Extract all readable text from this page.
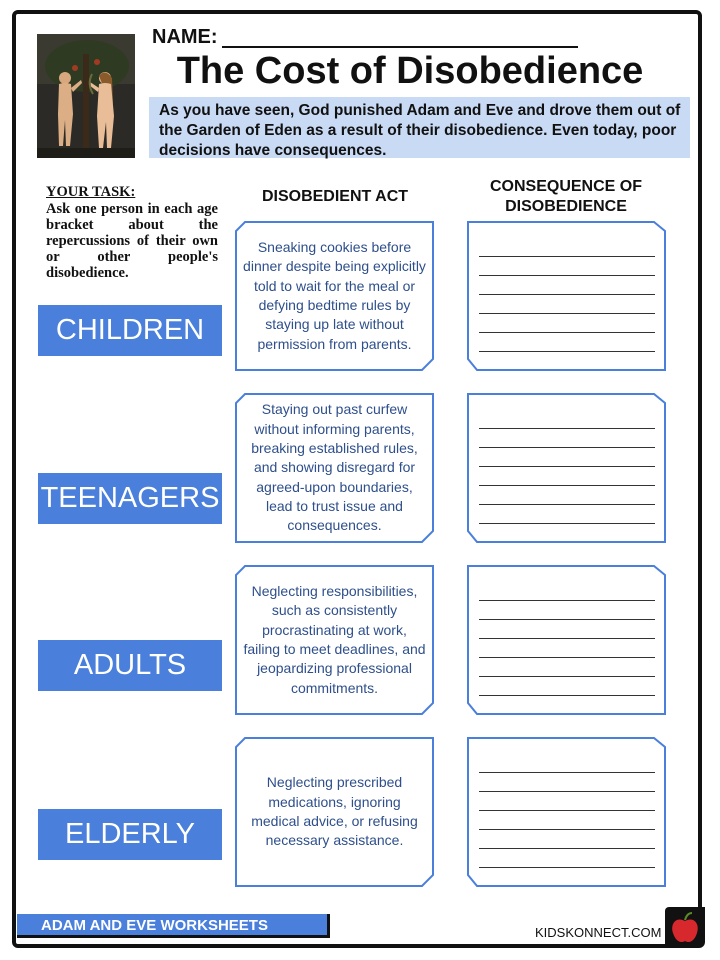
NAME:
The Cost of Disobedience
As you have seen, God punished Adam and Eve and drove them out of the Garden of Eden as a result of their disobedience. Even today, poor decisions have consequences.
YOUR TASK:
Ask one person in each age bracket about the repercussions of their own or other people's disobedience.
DISOBEDIENT ACT
CONSEQUENCE OF DISOBEDIENCE
CHILDREN
Sneaking cookies before dinner despite being explicitly told to wait for the meal or defying bedtime rules by staying up late without permission from parents.
TEENAGERS
Staying out past curfew without informing parents, breaking established rules, and showing disregard for agreed-upon boundaries, lead to trust issue and consequences.
ADULTS
Neglecting responsibilities, such as consistently procrastinating at work, failing to meet deadlines, and jeopardizing professional commitments.
ELDERLY
Neglecting prescribed medications, ignoring medical advice, or refusing necessary assistance.
ADAM AND EVE WORKSHEETS	KIDSKONNECT.COM
